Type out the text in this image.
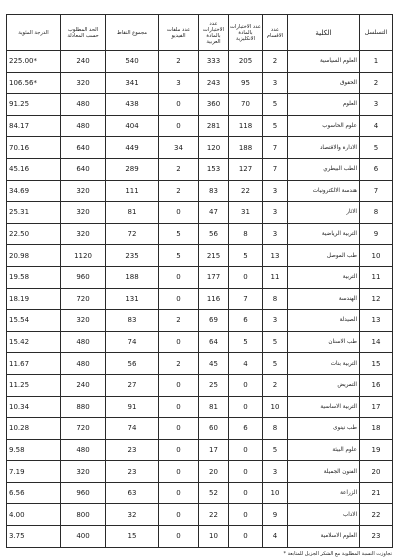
الدرجة المئوية	الحد المطلوب حسب المعادلة	مجموع النقاط	عدد ملفات الفيديو	عدد الاختبارات بالمادة العربية	عدد الاختبارات بالمادة الانكليزية	عدد الاقسام	الكلية	التسلسل
225.00*	240	540	2	333	205	2	العلوم السياسية	1
106.56*	320	341	3	243	95	3	الحقوق	2
91.25	480	438	0	360	70	5	العلوم	3
84.17	480	404	0	281	118	5	علوم الحاسوب	4
70.16	640	449	34	120	188	7	الادارة والاقتصاد	5
45.16	640	289	2	153	127	7	الطب البيطري	6
34.69	320	111	2	83	22	3	هندسة الالكترونيات	7
25.31	320	81	0	47	31	3	الاثار	8
22.50	320	72	5	56	8	3	التربية الرياضية	9
20.98	1120	235	5	215	5	13	طب الموصل	10
19.58	960	188	0	177	0	11	التربية	11
18.19	720	131	0	116	7	8	الهندسة	12
15.54	320	83	2	69	6	3	الصيدلة	13
15.42	480	74	0	64	5	5	طب الاسنان	14
11.67	480	56	2	45	4	5	التربية بنات	15
11.25	240	27	0	25	0	2	التمريض	16
10.34	880	91	0	81	0	10	التربية الاساسية	17
10.28	720	74	0	60	6	8	طب نينوى	18
9.58	480	23	0	17	0	5	علوم البيئة	19
7.19	320	23	0	20	0	3	الفنون الجميلة	20
6.56	960	63	0	52	0	10	الزراعة	21
4.00	800	32	0	22	0	9	الاداب	22
3.75	400	15	0	10	0	4	العلوم الاسلامية	23
* تجاوزت النسبة المطلوبة مع الشكر الجزيل للمتابعة
